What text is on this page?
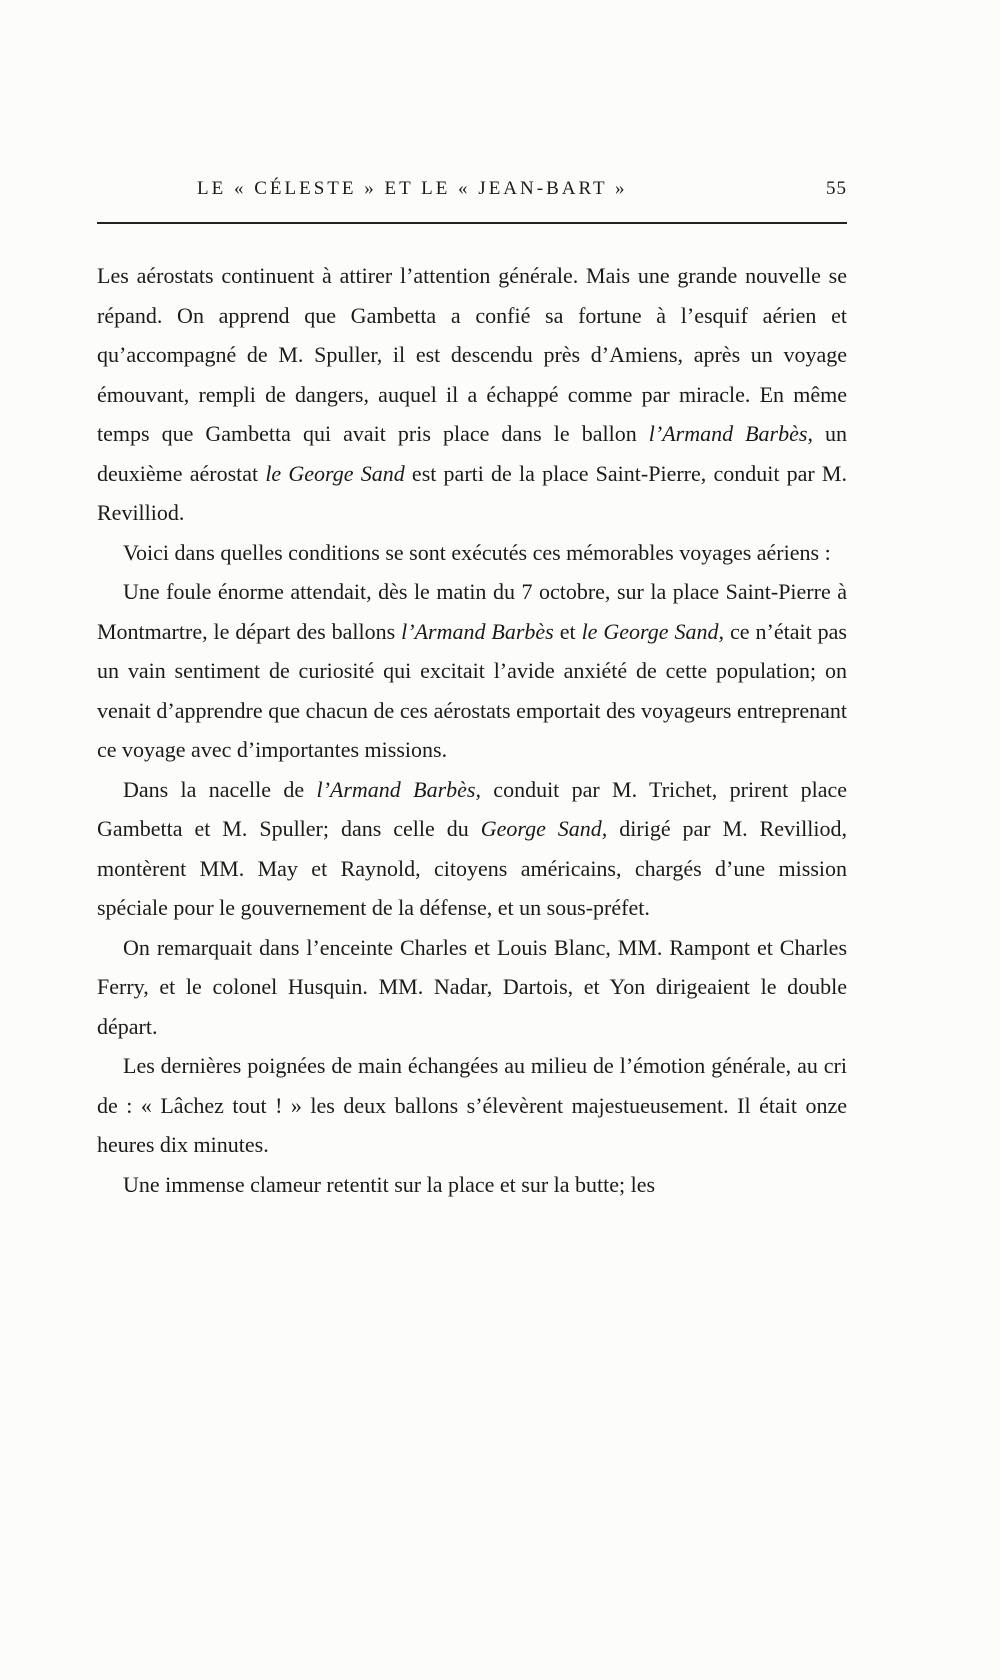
LE « CÉLESTE » ET LE « JEAN-BART »	55

Les aérostats continuent à attirer l’attention générale. Mais une grande nouvelle se répand. On apprend que Gambetta a confié sa fortune à l’esquif aérien et qu’accompagné de M. Spuller, il est descendu près d’Amiens, après un voyage émouvant, rempli de dangers, auquel il a échappé comme par miracle. En même temps que Gambetta qui avait pris place dans le ballon l’Armand Barbès, un deuxième aérostat le George Sand est parti de la place Saint-Pierre, conduit par M. Revilliod.

Voici dans quelles conditions se sont exécutés ces mémorables voyages aériens :

Une foule énorme attendait, dès le matin du 7 octobre, sur la place Saint-Pierre à Montmartre, le départ des ballons l’Armand Barbès et le George Sand, ce n’était pas un vain sentiment de curiosité qui excitait l’avide anxiété de cette population; on venait d’apprendre que chacun de ces aérostats emportait des voyageurs entreprenant ce voyage avec d’importantes missions.

Dans la nacelle de l’Armand Barbès, conduit par M. Trichet, prirent place Gambetta et M. Spuller; dans celle du George Sand, dirigé par M. Revilliod, montèrent MM. May et Raynold, citoyens américains, chargés d’une mission spéciale pour le gouvernement de la défense, et un sous-préfet.

On remarquait dans l’enceinte Charles et Louis Blanc, MM. Rampont et Charles Ferry, et le colonel Husquin. MM. Nadar, Dartois, et Yon dirigeaient le double départ.

Les dernières poignées de main échangées au milieu de l’émotion générale, au cri de : « Lâchez tout ! » les deux ballons s’élevèrent majestueusement. Il était onze heures dix minutes.

Une immense clameur retentit sur la place et sur la butte; les
